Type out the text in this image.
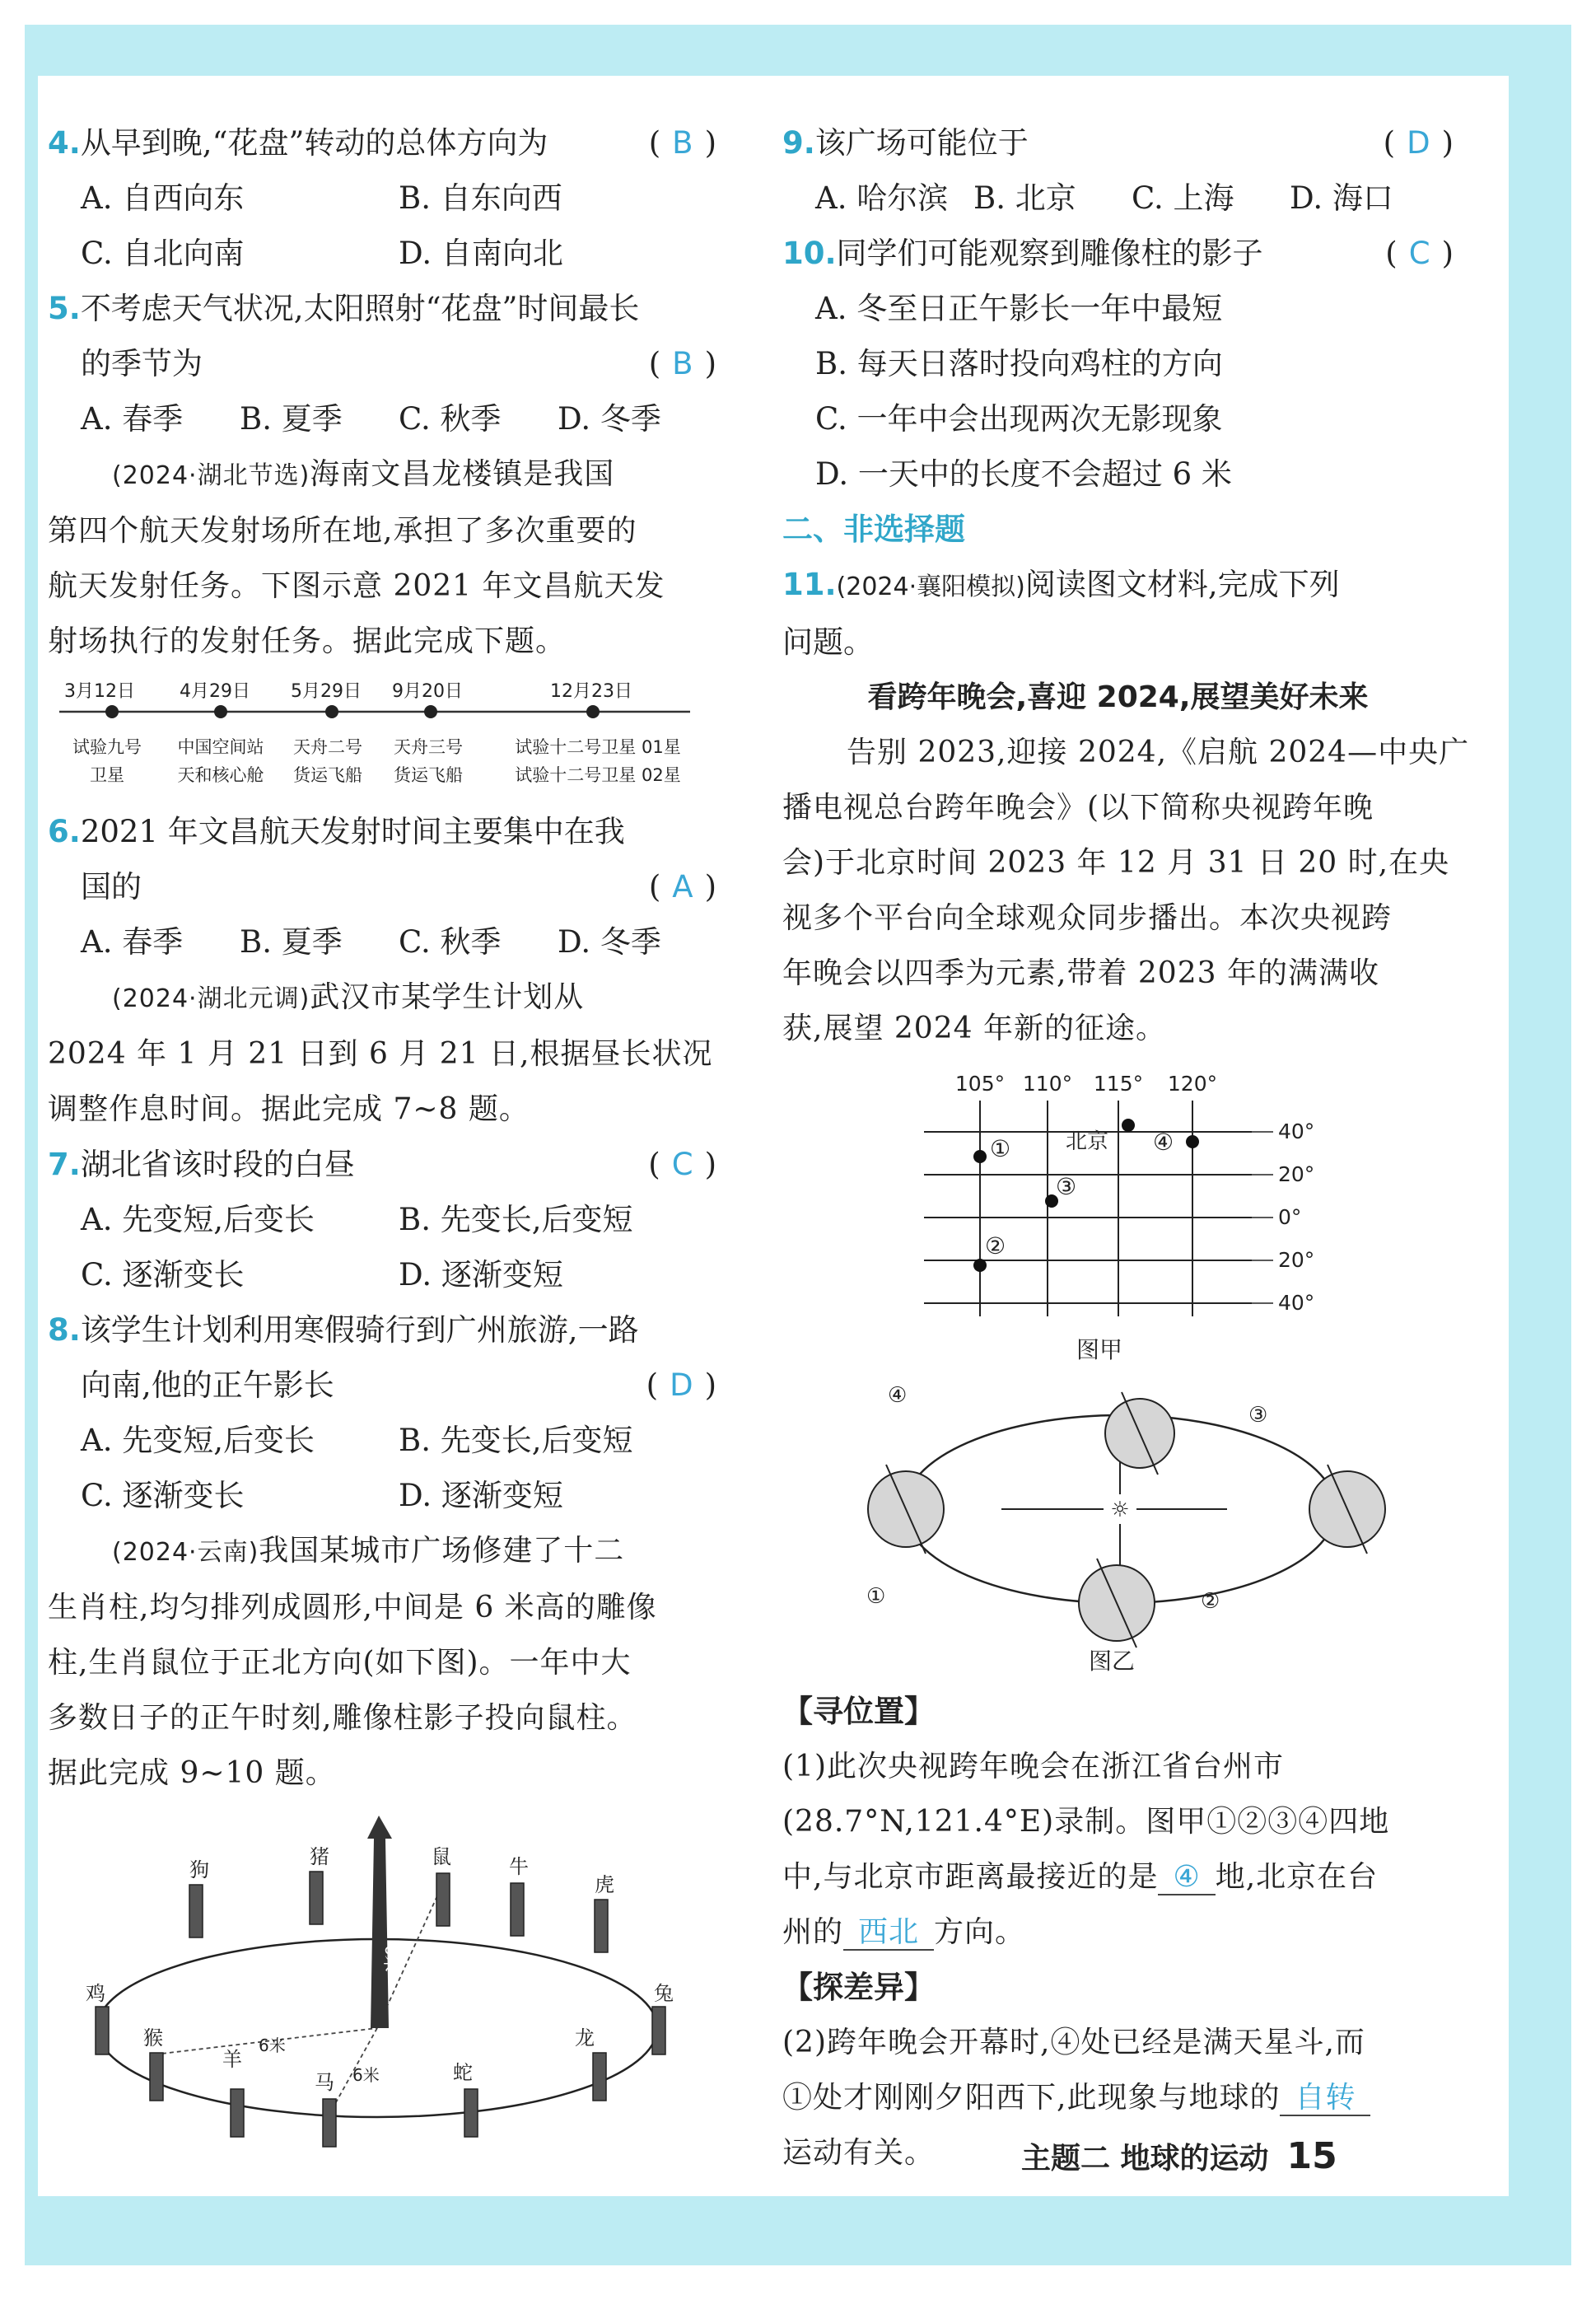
4.从早到晚,“花盘”转动的总体方向为	( B )
A. 自西向东	B. 自东向西
C. 自北向南	D. 自南向北
5.不考虑天气状况,太阳照射“花盘”时间最长
的季节为	( B )
A. 春季	B. 夏季	C. 秋季	D. 冬季
(2024·湖北节选)海南文昌龙楼镇是我国
第四个航天发射场所在地,承担了多次重要的
航天发射任务。下图示意 2021 年文昌航天发
射场执行的发射任务。据此完成下题。
3月12日 4月29日 5月29日 9月20日	12月23日
试验九号 中国空间站 天舟二号 天舟三号	试验十二号卫星 01星
卫星	天和核心舱 货运飞船 货运飞船	试验十二号卫星 02星
6.2021 年文昌航天发射时间主要集中在我
国的	( A )
A. 春季	B. 夏季	C. 秋季	D. 冬季
(2024·湖北元调)武汉市某学生计划从
2024 年 1 月 21 日到 6 月 21 日,根据昼长状况
调整作息时间。据此完成 7~8 题。
7.湖北省该时段的白昼	( C )
A. 先变短,后变长	B. 先变长,后变短
C. 逐渐变长	D. 逐渐变短
8.该学生计划利用寒假骑行到广州旅游,一路
向南,他的正午影长	( D )
A. 先变短,后变长	B. 先变长,后变短
C. 逐渐变长	D. 逐渐变短
(2024·云南)我国某城市广场修建了十二
生肖柱,均匀排列成圆形,中间是 6 米高的雕像
柱,生肖鼠位于正北方向(如下图)。一年中大
多数日子的正午时刻,雕像柱影子投向鼠柱。
据此完成 9~10 题。
狗
猪	鼠	牛
虎
鸡	兔
猴
羊
马	蛇
龙
6米
6米
6米
9.该广场可能位于	( D )
A. 哈尔滨 B. 北京	C. 上海	D. 海口
10.同学们可能观察到雕像柱的影子	( C )
A. 冬至日正午影长一年中最短
B. 每天日落时投向鸡柱的方向
C. 一年中会出现两次无影现象
D. 一天中的长度不会超过 6 米
二、非选择题
11.(2024·襄阳模拟)阅读图文材料,完成下列
问题。
看跨年晚会,喜迎 2024,展望美好未来
告别 2023,迎接 2024,《启航 2024—中央广
播电视总台跨年晚会》(以下简称央视跨年晚
会)于北京时间 2023 年 12 月 31 日 20 时,在央
视多个平台向全球观众同步播出。本次央视跨
年晚会以四季为元素,带着 2023 年的满满收
获,展望 2024 年新的征途。
105° 110° 115° 120°
40°
20°
0°
20°
40°
①
②
③
④
北京
图甲
☼
④
③
①	②
图乙
【寻位置】
(1)此次央视跨年晚会在浙江省台州市
(28.7°N,121.4°E)录制。图甲①②③④四地
中,与北京市距离最接近的是 ④ 地,北京在台
州的 西北 方向。
【探差异】
(2)跨年晚会开幕时,④处已经是满天星斗,而
①处才刚刚夕阳西下,此现象与地球的 自转
运动有关。	主题二 地球的运动 15
